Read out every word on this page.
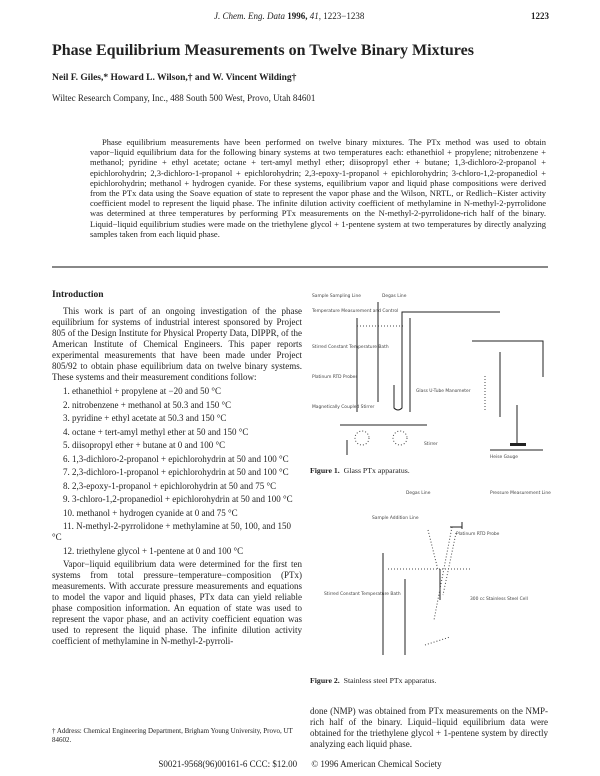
J. Chem. Eng. Data 1996, 41, 1223−1238	1223
Phase Equilibrium Measurements on Twelve Binary Mixtures
Neil F. Giles,* Howard L. Wilson,† and W. Vincent Wilding†
Wiltec Research Company, Inc., 488 South 500 West, Provo, Utah 84601
Phase equilibrium measurements have been performed on twelve binary mixtures. The PTx method was used to obtain vapor−liquid equilibrium data for the following binary systems at two temperatures each: ethanethiol + propylene; nitrobenzene + methanol; pyridine + ethyl acetate; octane + tert-amyl methyl ether; diisopropyl ether + butane; 1,3-dichloro-2-propanol + epichlorohydrin; 2,3-dichloro-1-propanol + epichlorohydrin; 2,3-epoxy-1-propanol + epichlorohydrin; 3-chloro-1,2-propanediol + epichlorohydrin; methanol + hydrogen cyanide. For these systems, equilibrium vapor and liquid phase compositions were derived from the PTx data using the Soave equation of state to represent the vapor phase and the Wilson, NRTL, or Redlich−Kister activity coefficient model to represent the liquid phase. The infinite dilution activity coefficient of methylamine in N-methyl-2-pyrrolidone was determined at three temperatures by performing PTx measurements on the N-methyl-2-pyrrolidone-rich half of the binary. Liquid−liquid equilibrium studies were made on the triethylene glycol + 1-pentene system at two temperatures by directly analyzing samples taken from each liquid phase.
Introduction
This work is part of an ongoing investigation of the phase equilibrium for systems of industrial interest sponsored by Project 805 of the Design Institute for Physical Property Data, DIPPR, of the American Institute of Chemical Engineers. This paper reports experimental measurements that have been made under Project 805/92 to obtain phase equilibrium data on twelve binary systems. These systems and their measurement conditions follow:
1. ethanethiol + propylene at −20 and 50 °C
2. nitrobenzene + methanol at 50.3 and 150 °C
3. pyridine + ethyl acetate at 50.3 and 150 °C
4. octane + tert-amyl methyl ether at 50 and 150 °C
5. diisopropyl ether + butane at 0 and 100 °C
6. 1,3-dichloro-2-propanol + epichlorohydrin at 50 and 100 °C
7. 2,3-dichloro-1-propanol + epichlorohydrin at 50 and 100 °C
8. 2,3-epoxy-1-propanol + epichlorohydrin at 50 and 75 °C
9. 3-chloro-1,2-propanediol + epichlorohydrin at 50 and 100 °C
10. methanol + hydrogen cyanide at 0 and 75 °C
11. N-methyl-2-pyrrolidone + methylamine at 50, 100, and 150 °C
12. triethylene glycol + 1-pentene at 0 and 100 °C
Vapor−liquid equilibrium data were determined for the first ten systems from total pressure−temperature−composition (PTx) measurements. With accurate pressure measurements and equations to model the vapor and liquid phases, PTx data can yield reliable phase composition information. An equation of state was used to represent the vapor phase, and an activity coefficient equation was used to represent the liquid phase. The infinite dilution activity coefficient of methylamine in N-methyl-2-pyrroli-
† Address: Chemical Engineering Department, Brigham Young University, Provo, UT 84602.
Sample Sampling Line	Degas Line
Temperature Measurement and Control
Stirred Constant Temperature Bath
Platinum RTD Probes
Magnetically Coupled Stirrer
Glass U-Tube Manometer
Stirrer
Heise Gauge
Figure 1. Glass PTx apparatus.
Degas Line	Pressure Measurement Line
Sample Addition Line
Platinum RTD Probe
Stirred Constant Temperature Bath
300 cc Stainless Steel Cell
Figure 2. Stainless steel PTx apparatus.
done (NMP) was obtained from PTx measurements on the NMP-rich half of the binary. Liquid−liquid equilibrium data were obtained for the triethylene glycol + 1-pentene system by directly analyzing each liquid phase.
S0021-9568(96)00161-6 CCC: $12.00 © 1996 American Chemical Society
